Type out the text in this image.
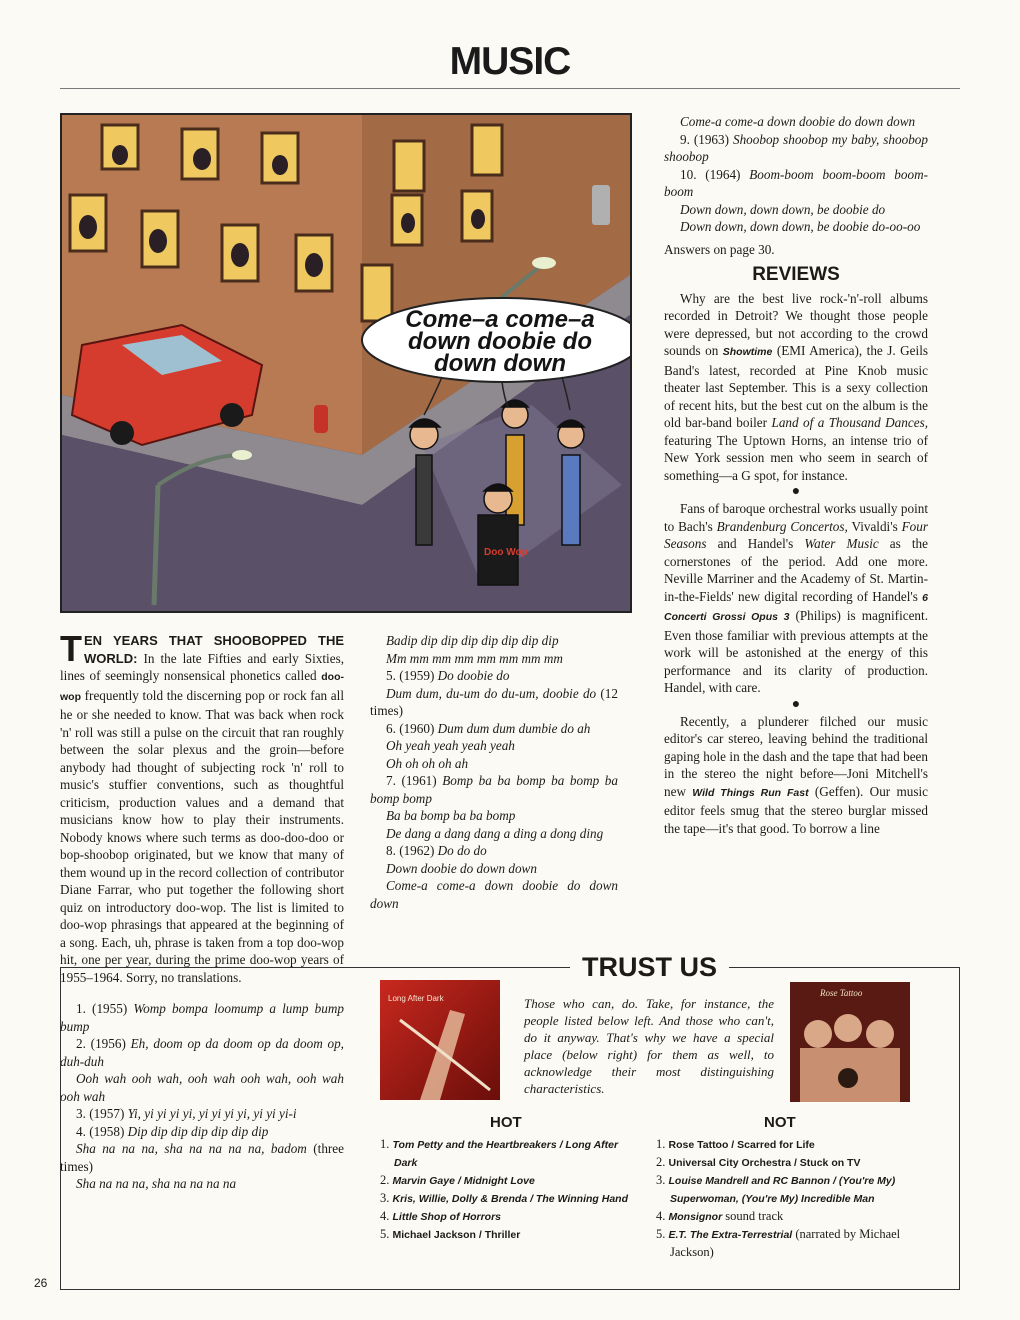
MUSIC
Doo Wop
Come–a come–a down doobie do down down

TEN YEARS THAT SHOOBOPPED THE WORLD: In the late Fifties and early Sixties, lines of seemingly nonsensical phonetics called doo-wop frequently told the discerning pop or rock fan all he or she needed to know. That was back when rock 'n' roll was still a pulse on the circuit that ran roughly between the solar plexus and the groin—before anybody had thought of subjecting rock 'n' roll to music's stuffier conventions, such as thoughtful criticism, production values and a demand that musicians know how to play their instruments. Nobody knows where such terms as doo-doo-doo or bop-shoobop originated, but we know that many of them wound up in the record collection of contributor Diane Farrar, who put together the following short quiz on introductory doo-wop. The list is limited to doo-wop phrasings that appeared at the beginning of a song. Each, uh, phrase is taken from a top doo-wop hit, one per year, during the prime doo-wop years of 1955–1964. Sorry, no translations.

1. (1955) Womp bompa loomump a lump bump bump

2. (1956) Eh, doom op da doom op da doom op, duh-duh

Ooh wah ooh wah, ooh wah ooh wah, ooh wah ooh wah

3. (1957) Yi, yi yi yi yi, yi yi yi yi, yi yi yi-i

4. (1958) Dip dip dip dip dip dip dip

Sha na na na, sha na na na na, badom (three times)

Sha na na na, sha na na na na

Badip dip dip dip dip dip dip dip

Mm mm mm mm mm mm mm mm

5. (1959) Do doobie do

Dum dum, du-um do du-um, doobie do (12 times)

6. (1960) Dum dum dum dumbie do ah

Oh yeah yeah yeah yeah

Oh oh oh oh ah

7. (1961) Bomp ba ba bomp ba bomp ba bomp bomp

Ba ba bomp ba ba bomp

De dang a dang dang a ding a dong ding

8. (1962) Do do do

Down doobie do down down

Come-a come-a down doobie do down down

Come-a come-a down doobie do down down

9. (1963) Shoobop shoobop my baby, shoobop shoobop

10. (1964) Boom-boom boom-boom boom-boom

Down down, down down, be doobie do

Down down, down down, be doobie do-oo-oo

Answers on page 30.

REVIEWS

Why are the best live rock-'n'-roll albums recorded in Detroit? We thought those people were depressed, but not according to the crowd sounds on Showtime (EMI America), the J. Geils Band's latest, recorded at Pine Knob music theater last September. This is a sexy collection of recent hits, but the best cut on the album is the old bar-band boiler Land of a Thousand Dances, featuring The Uptown Horns, an intense trio of New York session men who seem in search of something—a G spot, for instance.

●

Fans of baroque orchestral works usually point to Bach's Brandenburg Concertos, Vivaldi's Four Seasons and Handel's Water Music as the cornerstones of the period. Add one more. Neville Marriner and the Academy of St. Martin-in-the-Fields' new digital recording of Handel's 6 Concerti Grossi Opus 3 (Philips) is magnificent. Even those familiar with previous attempts at the work will be astonished at the energy of this performance and its clarity of production. Handel, with care.

●

Recently, a plunderer filched our music editor's car stereo, leaving behind the traditional gaping hole in the dash and the tape that had been in the stereo the night before—Joni Mitchell's new Wild Things Run Fast (Geffen). Our music editor feels smug that the stereo burglar missed the tape—it's that good. To borrow a line

TRUST US
Long After Dark
Rose Tattoo
Those who can, do. Take, for instance, the people listed below left. And those who can't, do it anyway. That's why we have a special place (below right) for them as well, to acknowledge their most distinguishing characteristics.
HOT	NOT
1. Tom Petty and the Heartbreakers / Long After Dark
2. Marvin Gaye / Midnight Love
3. Kris, Willie, Dolly & Brenda / The Winning Hand
4. Little Shop of Horrors
5. Michael Jackson / Thriller
1. Rose Tattoo / Scarred for Life
2. Universal City Orchestra / Stuck on TV
3. Louise Mandrell and RC Bannon / (You're My) Superwoman, (You're My) Incredible Man
4. Monsignor sound track
5. E.T. The Extra-Terrestrial (narrated by Michael Jackson)
26
